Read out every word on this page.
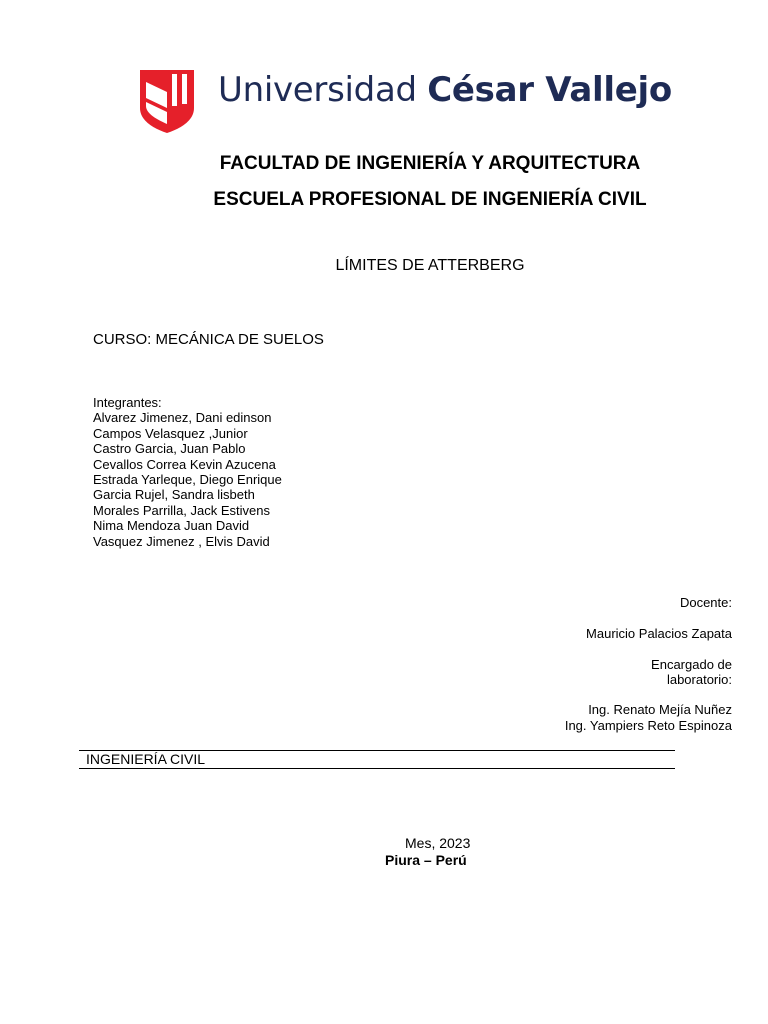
Universidad César Vallejo
FACULTAD DE INGENIERÍA Y ARQUITECTURA
ESCUELA PROFESIONAL DE INGENIERÍA CIVIL
LÍMITES DE ATTERBERG
CURSO: MECÁNICA DE SUELOS
Integrantes:
Alvarez Jimenez, Dani edinson
Campos Velasquez ,Junior
Castro Garcia, Juan Pablo
Cevallos Correa Kevin Azucena
Estrada Yarleque, Diego Enrique
Garcia Rujel, Sandra lisbeth
Morales Parrilla, Jack Estivens
Nima Mendoza Juan David
Vasquez Jimenez , Elvis David
Docente:
Mauricio Palacios Zapata
Encargado de
laboratorio:
Ing. Renato Mejía Nuñez
Ing. Yampiers Reto Espinoza
INGENIERÍA CIVIL
Mes, 2023
Piura – Perú
